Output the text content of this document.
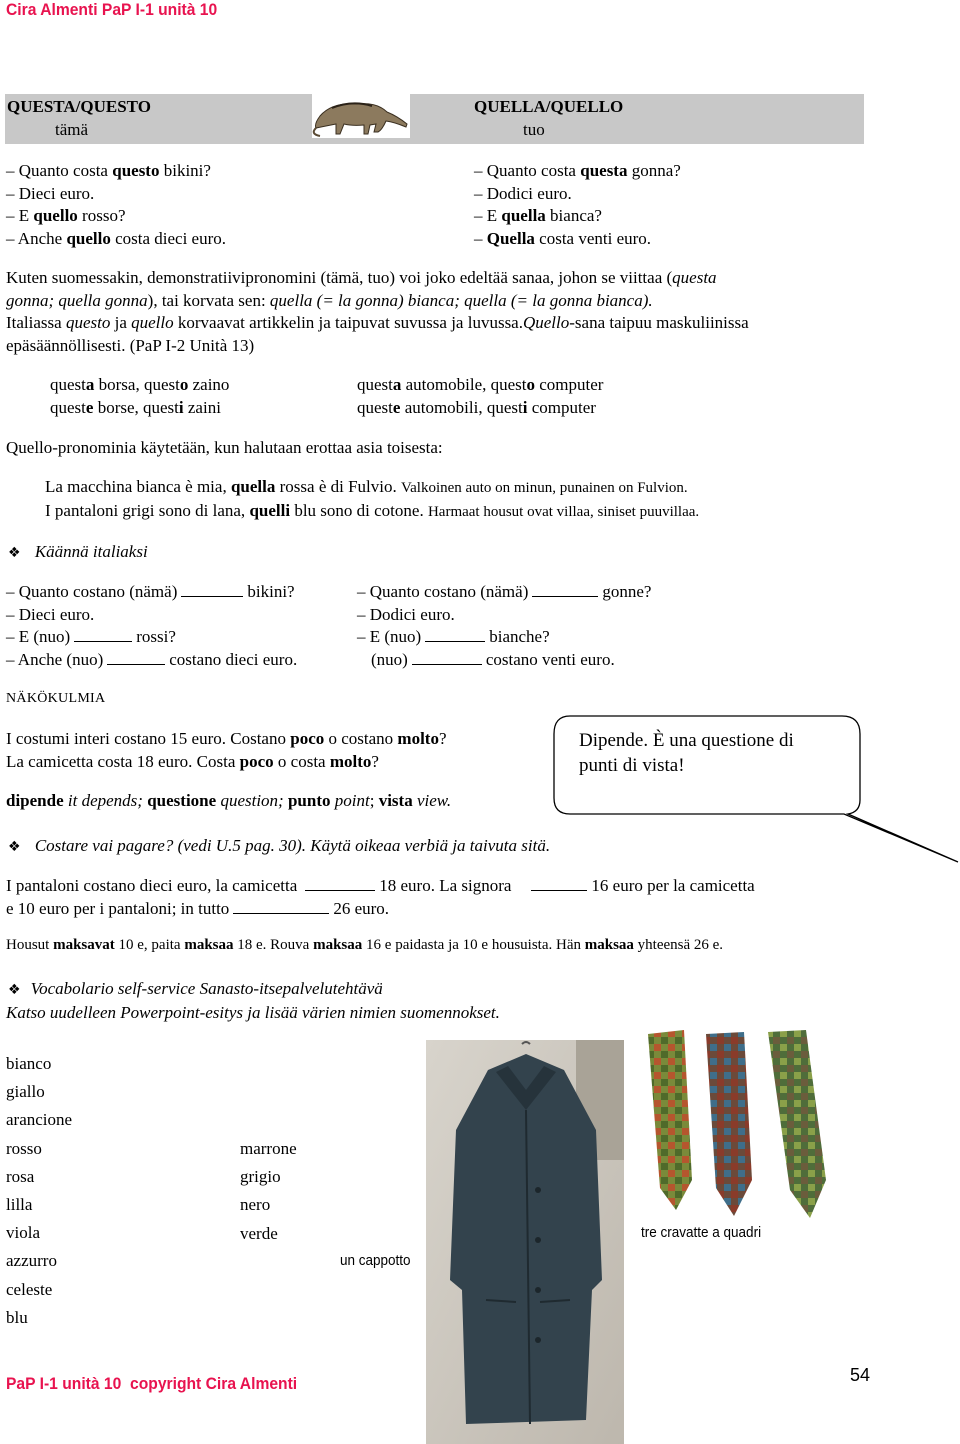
Cira Almenti PaP I-1 unità 10
QUESTA/QUESTO
tämä
QUELLA/QUELLO
tuo
– Quanto costa questo bikini?
– Dieci euro.
– E quello rosso?
– Anche quello costa dieci euro.
– Quanto costa questa gonna?
– Dodici euro.
– E quella bianca?
– Quella costa venti euro.
Kuten suomessakin, demonstratiivipronomini (tämä, tuo) voi joko edeltää sanaa, johon se viittaa (questa
gonna; quella gonna), tai korvata sen: quella (= la gonna) bianca; quella (= la gonna bianca).
Italiassa questo ja quello korvaavat artikkelin ja taipuvat suvussa ja luvussa.Quello-sana taipuu maskuliinissa
epäsäännöllisesti. (PaP I-2 Unità 13)
questa borsa, questo zaino
queste borse, questi zaini
questa automobile, questo computer
queste automobili, questi computer
Quello-pronominia käytetään, kun halutaan erottaa asia toisesta:
La macchina bianca è mia, quella rossa è di Fulvio. Valkoinen auto on minun, punainen on Fulvion.
I pantaloni grigi sono di lana, quelli blu sono di cotone. Harmaat housut ovat villaa, siniset puuvillaa.
❖ Käännä italiaksi
– Quanto costano (nämä)	bikini?
– Dieci euro.
– E (nuo)	rossi?
– Anche (nuo)	costano dieci euro.
– Quanto costano (nämä)	gonne?
– Dodici euro.
– E (nuo)	bianche?
(nuo)	costano venti euro.
NÄKÖKULMIA
I costumi interi costano 15 euro. Costano poco o costano molto?
La camicetta costa 18 euro. Costa poco o costa molto?
dipende it depends; questione question; punto point; vista view.
Dipende. È una questione di
punti di vista!
❖ Costare vai pagare? (vedi U.5 pag. 30). Käytä oikeaa verbiä ja taivuta sitä.
I pantaloni costano dieci euro, la camicetta	18 euro. La signora	16 euro per la camicetta
e 10 euro per i pantaloni; in tutto	26 euro.
Housut maksavat 10 e, paita maksaa 18 e. Rouva maksaa 16 e paidasta ja 10 e housuista. Hän maksaa yhteensä 26 e.
❖ Vocabolario self-service Sanasto-itsepalvelutehtävä
Katso uudelleen Powerpoint-esitys ja lisää värien nimien suomennokset.
bianco
giallo
arancione
rosso
rosa
lilla
viola
azzurro
celeste
blu
marrone
grigio
nero
verde
un cappotto
tre cravatte a quadri
PaP I-1 unità 10  copyright Cira Almenti	54
